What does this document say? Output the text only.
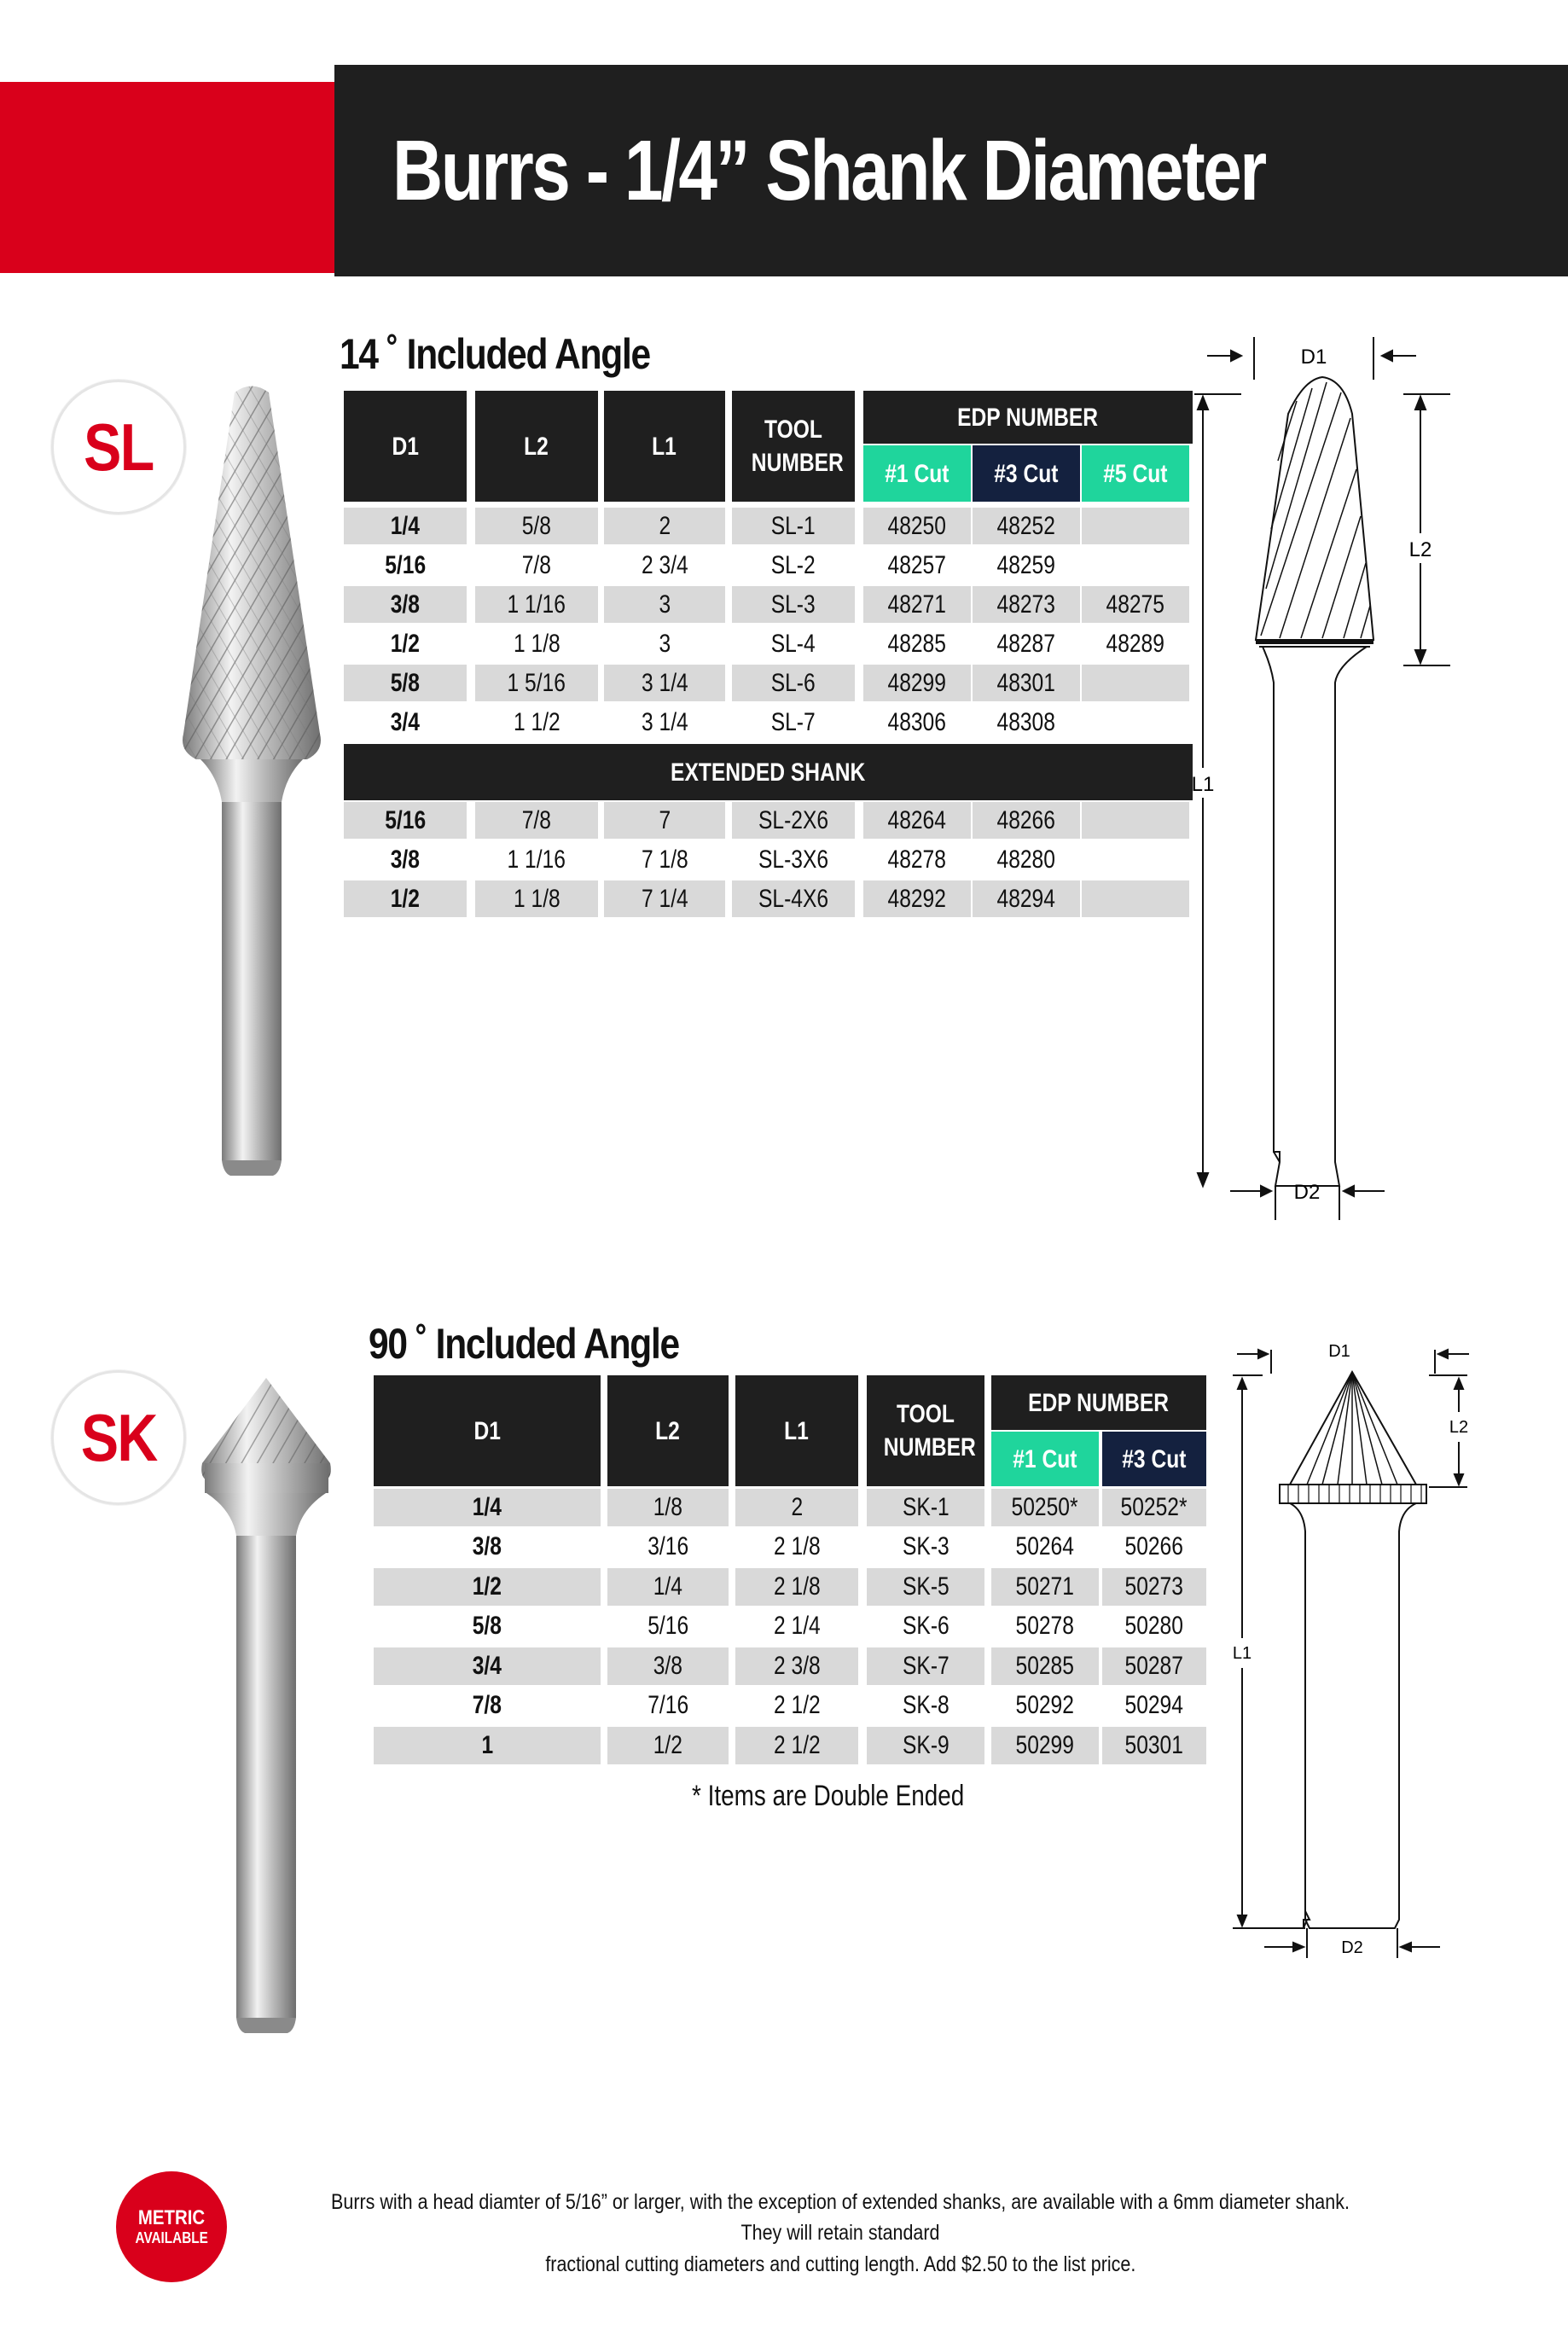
Burrs - 1/4” Shank Diameter
SL
14 ˚ Included Angle
D1	L2	L1
TOOL NUMBER
EDP NUMBER
#1 Cut #3 Cut #5 Cut
1/4	5/8	2	SL-1	48250 48252
5/16	7/8	2 3/4	SL-2	48257 48259
3/8	1 1/16	3	SL-3	48271 48273 48275
1/2	1 1/8	3	SL-4	48285 48287 48289
5/8	1 5/16	3 1/4	SL-6	48299 48301
3/4	1 1/2	3 1/4	SL-7	48306 48308
EXTENDED SHANK
5/16	7/8	7	SL-2X6 48264 48266
3/8	1 1/16	7 1/8	SL-3X6 48278 48280
1/2	1 1/8	7 1/4	SL-4X6 48292 48294
D1
L2
L1
D2
SK
90 ˚ Included Angle
D1	L2	L1
TOOL NUMBER
EDP NUMBER
#1 Cut #3 Cut
1/4	1/8	2	SK-1 50250* 50252*
3/8	3/16	2 1/8	SK-3	50264 50266
1/2	1/4	2 1/8	SK-5	50271 50273
5/8	5/16	2 1/4	SK-6	50278 50280
3/4	3/8	2 3/8	SK-7	50285 50287
7/8	7/16	2 1/2	SK-8	50292 50294
1	1/2	2 1/2	SK-9	50299 50301
* Items are Double Ended
D1
L2
L1
D2
METRIC
AVAILABLE
Burrs with a head diamter of 5/16” or larger, with the exception of extended shanks, are available with a 6mm diameter shank. They will retain standard
fractional cutting diameters and cutting length. Add $2.50 to the list price.
